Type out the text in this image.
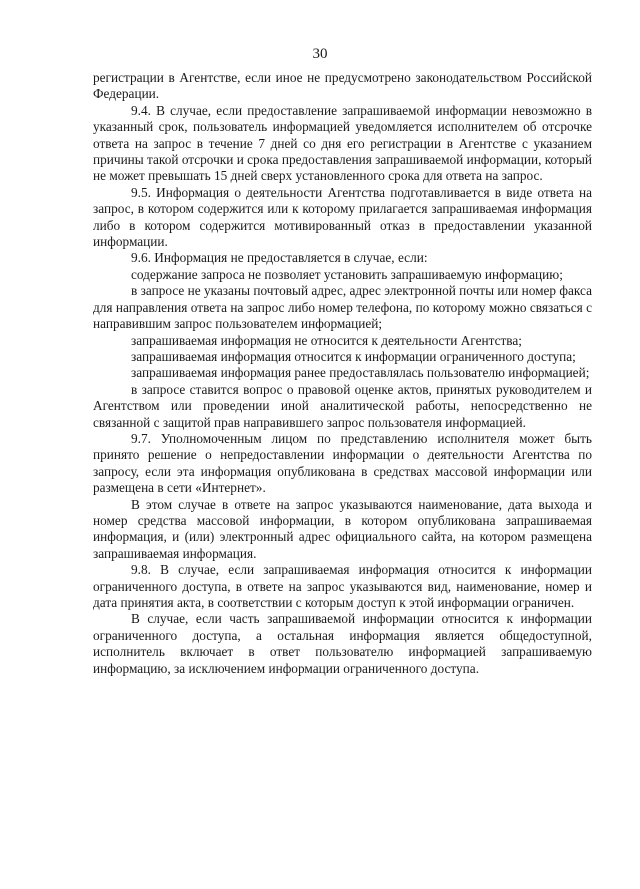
30

регистрации в Агентстве, если иное не предусмотрено законодательством Российской Федерации.

9.4. В случае, если предоставление запрашиваемой информации невозможно в указанный срок, пользователь информацией уведомляется исполнителем об отсрочке ответа на запрос в течение 7 дней со дня его регистрации в Агентстве с указанием причины такой отсрочки и срока предоставления запрашиваемой информации, который не может превышать 15 дней сверх установленного срока для ответа на запрос.

9.5. Информация о деятельности Агентства подготавливается в виде ответа на запрос, в котором содержится или к которому прилагается запрашиваемая информация либо в котором содержится мотивированный отказ в предоставлении указанной информации.

9.6. Информация не предоставляется в случае, если:

содержание запроса не позволяет установить запрашиваемую информацию;

в запросе не указаны почтовый адрес, адрес электронной почты или номер факса для направления ответа на запрос либо номер телефона, по которому можно связаться с направившим запрос пользователем информацией;

запрашиваемая информация не относится к деятельности Агентства;

запрашиваемая информация относится к информации ограниченного доступа;

запрашиваемая информация ранее предоставлялась пользователю информацией;

в запросе ставится вопрос о правовой оценке актов, принятых руководителем и Агентством или проведении иной аналитической работы, непосредственно не связанной с защитой прав направившего запрос пользователя информацией.

9.7. Уполномоченным лицом по представлению исполнителя может быть принято решение о непредоставлении информации о деятельности Агентства по запросу, если эта информация опубликована в средствах массовой информации или размещена в сети «Интернет».

В этом случае в ответе на запрос указываются наименование, дата выхода и номер средства массовой информации, в котором опубликована запрашиваемая информация, и (или) электронный адрес официального сайта, на котором размещена запрашиваемая информация.

9.8. В случае, если запрашиваемая информация относится к информации ограниченного доступа, в ответе на запрос указываются вид, наименование, номер и дата принятия акта, в соответствии с которым доступ к этой информации ограничен.

В случае, если часть запрашиваемой информации относится к информации ограниченного доступа, а остальная информация является общедоступной, исполнитель включает в ответ пользователю информацией запрашиваемую информацию, за исключением информации ограниченного доступа.
